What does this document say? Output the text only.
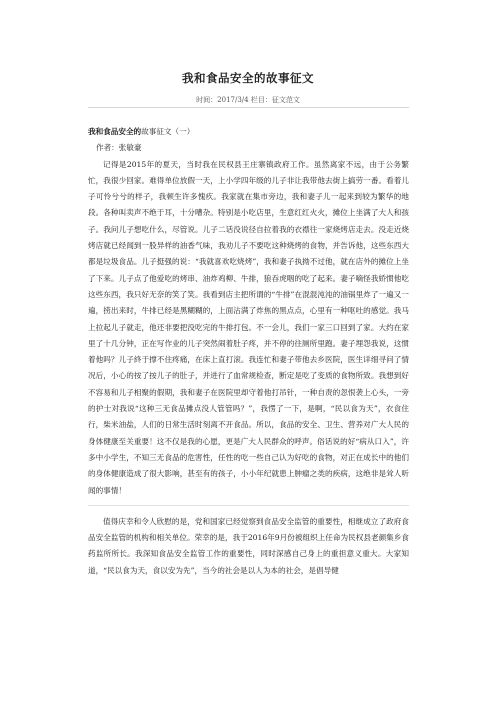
我和食品安全的故事征文
时间：2017/3/4 栏目：征文范文

我和食品安全的故事征文（一）

作者：张敏豪

记得是2015年的夏天，当时我在民权县王庄寨镇政府工作。虽然离家不远，由于公务繁忙，我很少回家。难得单位放假一天，上小学四年级的儿子非让我带他去街上搞劳一番。看着儿子可怜兮兮的样子，我顿生许多愧疚。我家就在集市旁边，我和妻子儿一起来到较为繁华的地段。各种叫卖声不绝于耳，十分嘈杂。特别是小吃店里，生意红红火火，摊位上坐满了大人和孩子。我问儿子想吃什么，尽管说。儿子二话没说径自拉着我的衣襟往一家烧烤店走去。没走近烧烤店就已经闻到一股异样的油香气味，我劝儿子不要吃这种烧烤的食物，并告诉他，这些东西大都是垃圾食品。儿子挺强的说：“我就喜欢吃烧烤”，我和妻子执拗不过他，就在店外的摊位上坐了下来。儿子点了他爱吃的烤串、油炸鸡柳、牛排，狼吞虎咽的吃了起来。妻子嘀怪我娇惯他吃这些东西，我只好无奈的笑了笑。我看到店主把所谓的“牛排”在混混沌沌的油锅里炸了一遍又一遍，捞出来时，牛排已经是黑糊糊的，上面沾满了炸焦的黑点点，心里有一种呕吐的感觉。我马上拉起儿子就走，他还非要把没吃完的牛排打包。不一会儿，我们一家三口回到了家。大约在家里了十几分钟，正在写作业的儿子突然闹着肚子疼，并不停的往厕所里跑。妻子埋怨我说，这惯着他吗？儿子終于撑不住疼痛，在床上直打滚。我连忙和妻子带他去乡医院，医生详细寻问了情况后，小心的按了按儿子的肚子，并进行了血常规检查，断定是吃了变质的食物所致。我想到好不容易和儿子相聚的假期，我和妻子在医院里却守着他打吊针，一种自责的忽恨袭上心头，一旁的护士对我说“这种三无食品摊点没人管管吗？”，我愣了一下，是啊，“民以食为天”，衣食住行，柴米油盐，人们的日常生活时刻离不开食品。所以，食品的安全、卫生、营养对广大人民的身体健康至关重要！这不仅是我的心愿，更是广大人民群众的呼声。俗话说的好“病从口入”，许多中小学生，不知三无食品的危害性，任性的吃一些自己认为好吃的食物，对正在成长中的他们的身体健康造成了很大影响，甚至有的孩子，小小年纪就患上肿瘤之类的疾病，这绝非是耸人听闻的事情！

值得庆幸和令人欣慰的是，党和国家已经觉察到食品安全监管的重要性，相继成立了政府食品安全监管的机构和相关单位。荣幸的是，我于2016年9月份被组织上任命为民权县老颜集乡食药监所所长。我深知食品安全监管工作的重要性，同时深感自己身上的重担意义重大。大家知道，“民以食为天，食以安为先”，当今的社会是以人为本的社会，是倡导健
